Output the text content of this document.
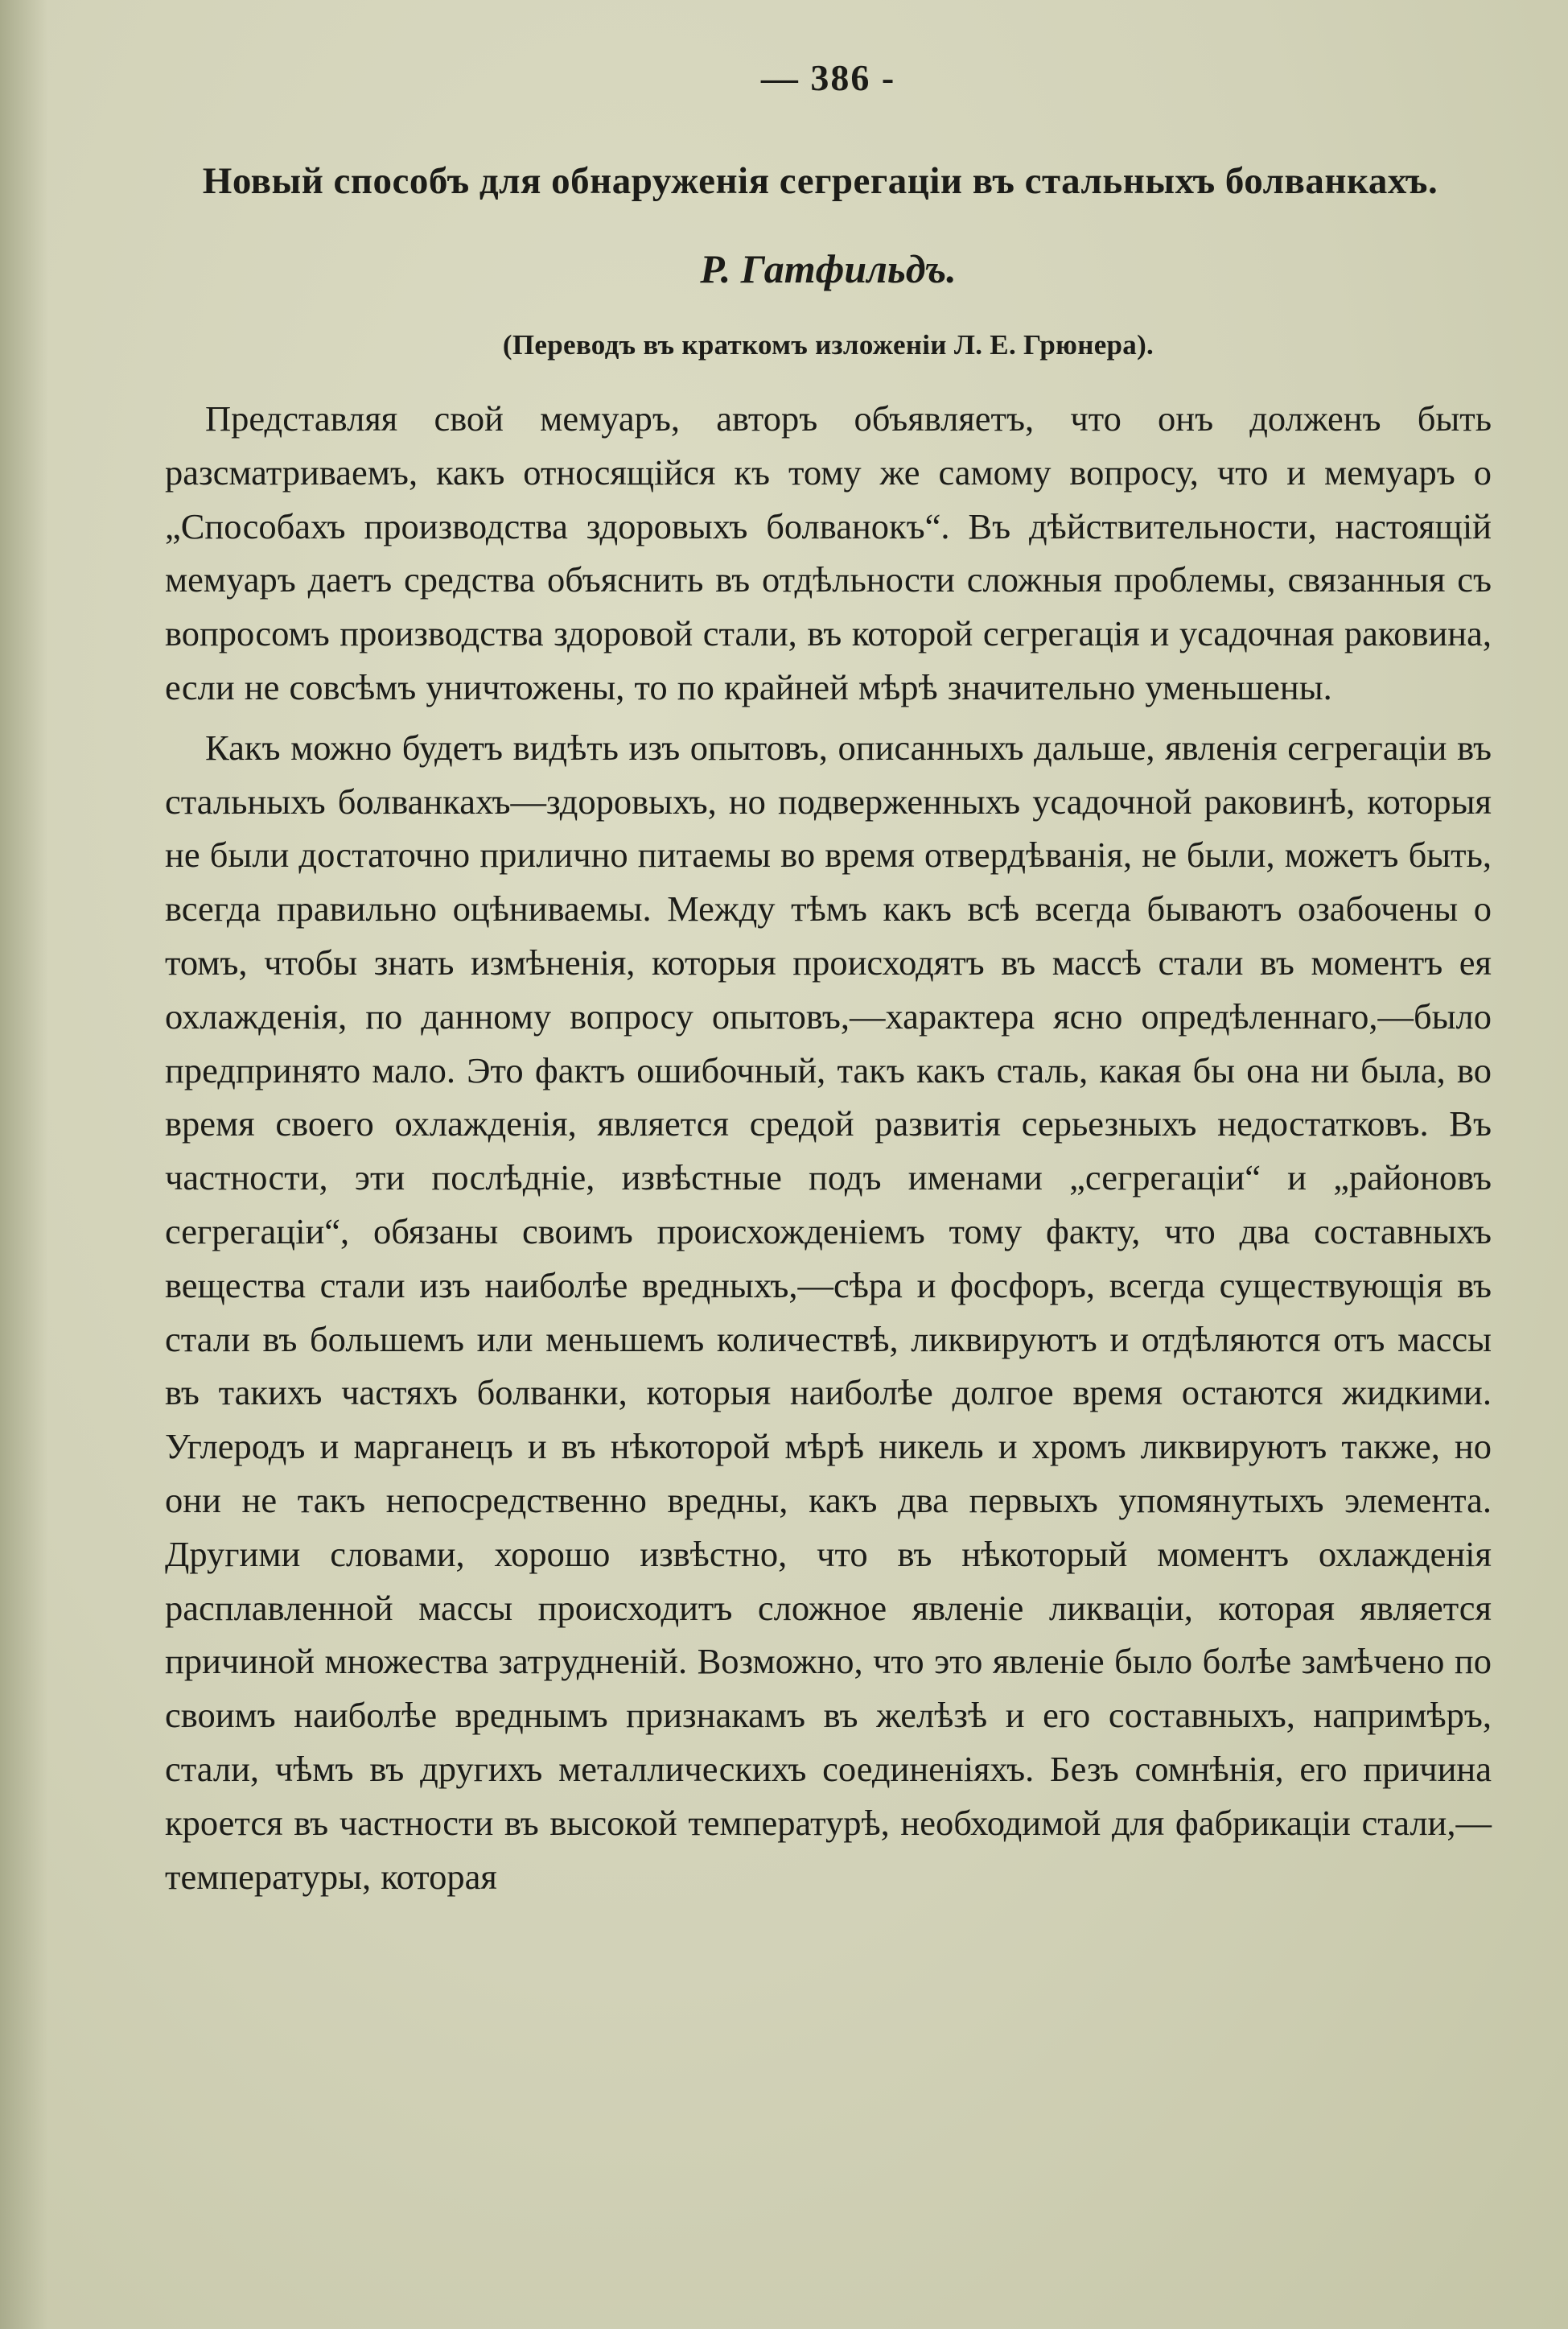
— 386 -
Новый способъ для обнаруженія сегрегаціи въ стальныхъ болванкахъ.
Р. Гатфильдъ.
(Переводъ въ краткомъ изложеніи Л. Е. Грюнера).

Представляя свой мемуаръ, авторъ объявляетъ, что онъ долженъ быть разсматриваемъ, какъ относящійся къ тому же самому вопросу, что и мемуаръ о „Способахъ производства здоровыхъ болванокъ“. Въ дѣйствительности, настоящій мемуаръ даетъ средства объяснить въ отдѣльности сложныя проблемы, связанныя съ вопросомъ производства здоровой стали, въ которой сегрегація и усадочная раковина, если не совсѣмъ уничтожены, то по крайней мѣрѣ значительно уменьшены.

Какъ можно будетъ видѣть изъ опытовъ, описанныхъ дальше, явленія сегрегаціи въ стальныхъ болванкахъ—здоровыхъ, но подверженныхъ усадочной раковинѣ, которыя не были достаточно прилично питаемы во время отвердѣванія, не были, можетъ быть, всегда правильно оцѣниваемы. Между тѣмъ какъ всѣ всегда бываютъ озабочены о томъ, чтобы знать измѣненія, которыя происходятъ въ массѣ стали въ моментъ ея охлажденія, по данному вопросу опытовъ,—характера ясно опредѣленнаго,—было предпринято мало. Это фактъ ошибочный, такъ какъ сталь, какая бы она ни была, во время своего охлажденія, является средой развитія серьезныхъ недостатковъ. Въ частности, эти послѣдніе, извѣстные подъ именами „сегрегаціи“ и „районовъ сегрегаціи“, обязаны своимъ происхожденіемъ тому факту, что два составныхъ вещества стали изъ наиболѣе вредныхъ,—сѣра и фосфоръ, всегда существующія въ стали въ большемъ или меньшемъ количествѣ, ликвируютъ и отдѣляются отъ массы въ такихъ частяхъ болванки, которыя наиболѣе долгое время остаются жидкими. Углеродъ и марганецъ и въ нѣкоторой мѣрѣ никель и хромъ ликвируютъ также, но они не такъ непосредственно вредны, какъ два первыхъ упомянутыхъ элемента. Другими словами, хорошо извѣстно, что въ нѣкоторый моментъ охлажденія расплавленной массы происходитъ сложное явленіе ликваціи, которая является причиной множества затрудненій. Возможно, что это явленіе было болѣе замѣчено по своимъ наиболѣе вреднымъ признакамъ въ желѣзѣ и его составныхъ, напримѣръ, стали, чѣмъ въ другихъ металлическихъ соединеніяхъ. Безъ сомнѣнія, его причина кроется въ частности въ высокой температурѣ, необходимой для фабрикаціи стали,—температуры, которая
